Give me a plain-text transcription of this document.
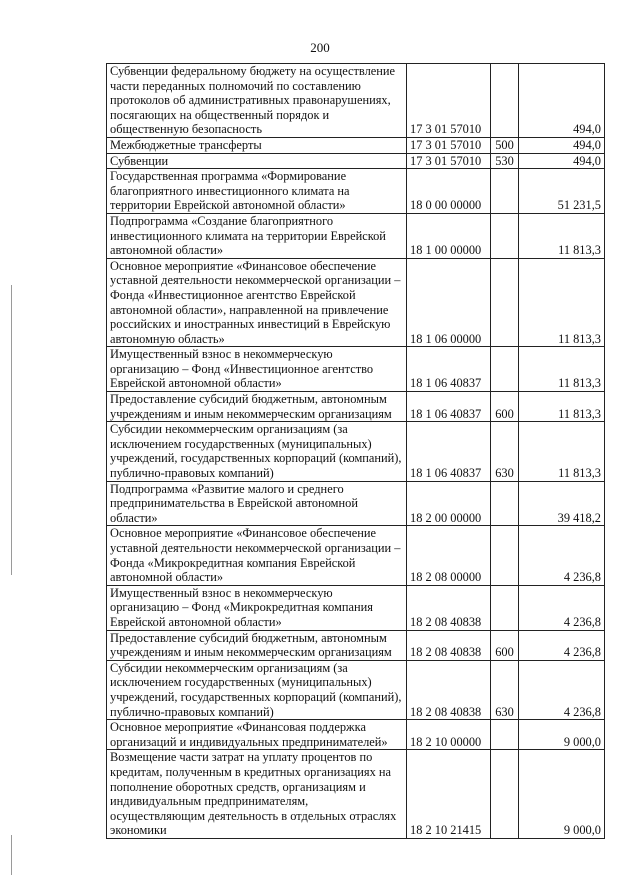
200
Субвенции федеральному бюджету на осуществление части переданных полномочий по составлению протоколов об административных правонарушениях, посягающих на общественный порядок и общественную безопасность	17 3 01 57010		494,0
Межбюджетные трансферты	17 3 01 57010	500	494,0
Субвенции	17 3 01 57010	530	494,0
Государственная программа «Формирование благоприятного инвестиционного климата на территории Еврейской автономной области»	18 0 00 00000		51 231,5
Подпрограмма «Создание благоприятного инвестиционного климата на территории Еврейской автономной области»	18 1 00 00000		11 813,3
Основное мероприятие «Финансовое обеспечение уставной деятельности некоммерческой организации – Фонда «Инвестиционное агентство Еврейской автономной области», направленной на привлечение российских и иностранных инвестиций в Еврейскую автономную область»	18 1 06 00000		11 813,3
Имущественный взнос в некоммерческую организацию – Фонд «Инвестиционное агентство Еврейской автономной области»	18 1 06 40837		11 813,3
Предоставление субсидий бюджетным, автономным учреждениям и иным некоммерческим организациям	18 1 06 40837	600	11 813,3
Субсидии некоммерческим организациям (за исключением государственных (муниципальных) учреждений, государственных корпораций (компаний), публично-правовых компаний)	18 1 06 40837	630	11 813,3
Подпрограмма «Развитие малого и среднего предпринимательства в Еврейской автономной области»	18 2 00 00000		39 418,2
Основное мероприятие «Финансовое обеспечение уставной деятельности некоммерческой организации – Фонда «Микрокредитная компания Еврейской автономной области»	18 2 08 00000		4 236,8
Имущественный взнос в некоммерческую организацию – Фонд «Микрокредитная компания Еврейской автономной области»	18 2 08 40838		4 236,8
Предоставление субсидий бюджетным, автономным учреждениям и иным некоммерческим организациям	18 2 08 40838	600	4 236,8
Субсидии некоммерческим организациям (за исключением государственных (муниципальных) учреждений, государственных корпораций (компаний), публично-правовых компаний)	18 2 08 40838	630	4 236,8
Основное мероприятие «Финансовая поддержка организаций и индивидуальных предпринимателей»	18 2 10 00000		9 000,0
Возмещение части затрат на уплату процентов по кредитам, полученным в кредитных организациях на пополнение оборотных средств, организациям и индивидуальным предпринимателям, осуществляющим деятельность в отдельных отраслях экономики	18 2 10 21415		9 000,0
